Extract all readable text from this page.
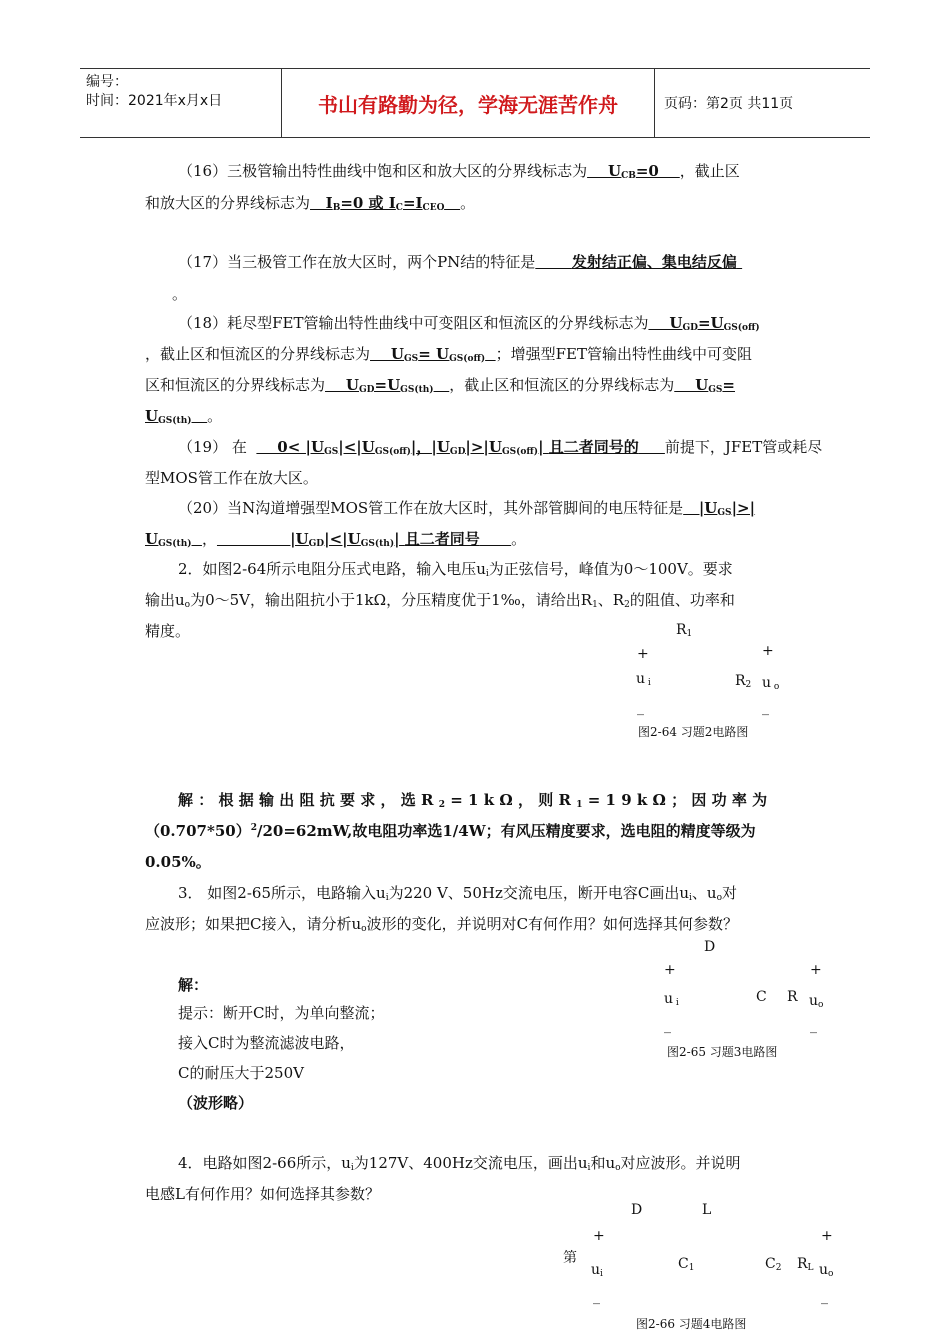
编号：
时间：2021年x月x日	书山有路勤为径，学海无涯苦作舟	页码：第2页 共11页
（16）三极管输出特性曲线中饱和区和放大区的分界线标志为    $U_{CB}=0$    ，截止区
和放大区的分界线标志为   $I_B=0$ 或 $I_C=I_{CEO}$ 。
（17）当三极管工作在放大区时，两个PN结的特征是 发射结正偏、集电结反偏
。
（18）耗尽型FET管输出特性曲线中可变阻区和恒流区的分界线标志为    $U_{GD}=U_{GS(off)}$
，截止区和恒流区的分界线标志为    $U_{GS}= U_{GS(off)}$ ；增强型FET管输出特性曲线中可变阻
区和恒流区的分界线标志为    $U_{GD}=U_{GS(th)}$ ，截止区和恒流区的分界线标志为    $U_{GS}=$
$U_{GS(th)}$ 。
（19） 在      $0< |U_{GS}|<|U_{GS(off)}|$，$|U_{GD}|>|U_{GS(off)}|$ 且二者同号的 前提下，JFET管或耗尽
型MOS管工作在放大区。
（20）当N沟道增强型MOS管工作在放大区时，其外部管脚间的电压特征是   $|U_{GS}|>|$
$U_{GS(th)}$ ，              $|U_{GD}|<|U_{GS(th)}|$ 且二者同号 。
2．如图2-64所示电阻分压式电路，输入电压$u_i$为正弦信号，峰值为0～100V。要求
输出$u_o$为0～5V，输出阻抗小于1kΩ，分压精度优于1‰，请给出$R_1$、$R_2$的阻值、功率和
精度。	$R_1$
+	+
u $_i$	$R_2$ u $_o$
_	_
图2-64 习题2电路图
解：根据输出阻抗要求，选$R_2=1k\Omega$，则$R_1=19k\Omega$；因功率为
$(0.707*50)^2/20=62mW$,故电阻功率选1/4W；有风压精度要求，选电阻的精度等级为
0.05%。
3． 如图2-65所示，电路输入$u_i$为220 V、50Hz交流电压，断开电容C画出$u_i$、$u_o$对
应波形；如果把C接入，请分析$u_o$波形的变化，并说明对C有何作用？如何选择其何参数？
解：
提示：断开C时，为单向整流；
接入C时为整流滤波电路，
C的耐压大于250V
（波形略）
D
+	+
u $_i$	C R $u_o$
_	_
图2-65 习题3电路图
4．电路如图2-66所示，$u_i$为127V、400Hz交流电压，画出$u_i$和$u_o$对应波形。并说明
电感L有何作用？如何选择其参数？
D	L
+	+
第
$u_i$
$C_1$	$C_2$ $R_L$ $u_o$
_	_
图2-66 习题4电路图
